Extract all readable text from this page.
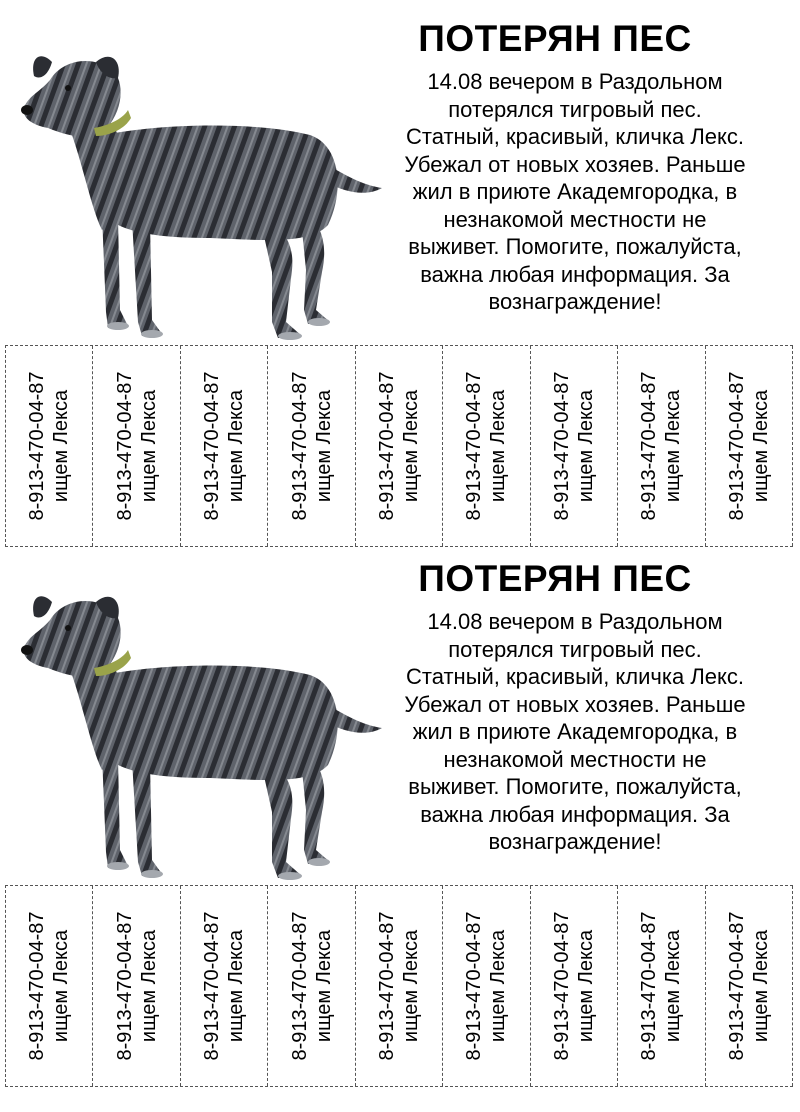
ПОТЕРЯН ПЕС
14.08 вечером в Раздольном
потерялся тигровый пес.
Статный, красивый, кличка Лекс.
Убежал от новых хозяев. Раньше
жил в приюте Академгородка, в
незнакомой местности не
выживет. Помогите, пожалуйста,
важна любая информация. За
вознаграждение!
8-913-470-04-87 ищем Лекса 8-913-470-04-87 ищем Лекса 8-913-470-04-87 ищем Лекса 8-913-470-04-87 ищем Лекса 8-913-470-04-87 ищем Лекса 8-913-470-04-87 ищем Лекса 8-913-470-04-87 ищем Лекса 8-913-470-04-87 ищем Лекса 8-913-470-04-87 ищем Лекса
ПОТЕРЯН ПЕС
14.08 вечером в Раздольном
потерялся тигровый пес.
Статный, красивый, кличка Лекс.
Убежал от новых хозяев. Раньше
жил в приюте Академгородка, в
незнакомой местности не
выживет. Помогите, пожалуйста,
важна любая информация. За
вознаграждение!
8-913-470-04-87 ищем Лекса 8-913-470-04-87 ищем Лекса 8-913-470-04-87 ищем Лекса 8-913-470-04-87 ищем Лекса 8-913-470-04-87 ищем Лекса 8-913-470-04-87 ищем Лекса 8-913-470-04-87 ищем Лекса 8-913-470-04-87 ищем Лекса 8-913-470-04-87 ищем Лекса
